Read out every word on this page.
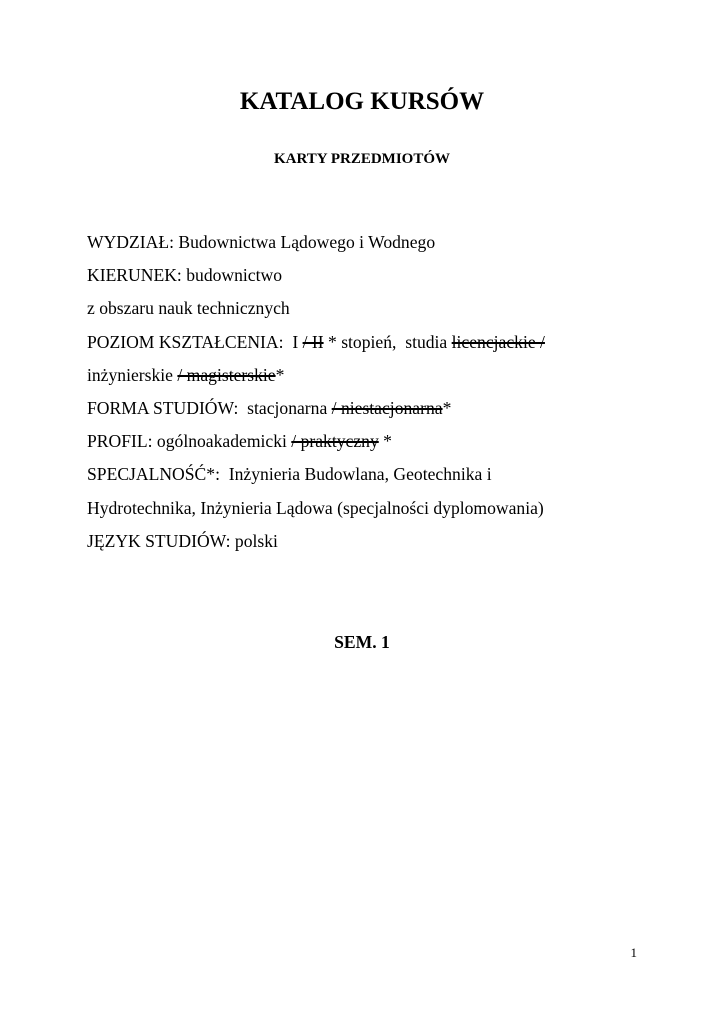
KATALOG KURSÓW
KARTY PRZEDMIOTÓW
WYDZIAŁ: Budownictwa Lądowego i Wodnego
KIERUNEK: budownictwo
z obszaru nauk technicznych
POZIOM KSZTAŁCENIA: I / II * stopień, studia licencjackie /
inżynierskie / magisterskie*
FORMA STUDIÓW: stacjonarna / niestacjonarna*
PROFIL: ogólnoakademicki / praktyczny *
SPECJALNOŚĆ*: Inżynieria Budowlana, Geotechnika i
Hydrotechnika, Inżynieria Lądowa (specjalności dyplomowania)
JĘZYK STUDIÓW: polski
SEM. 1
1
